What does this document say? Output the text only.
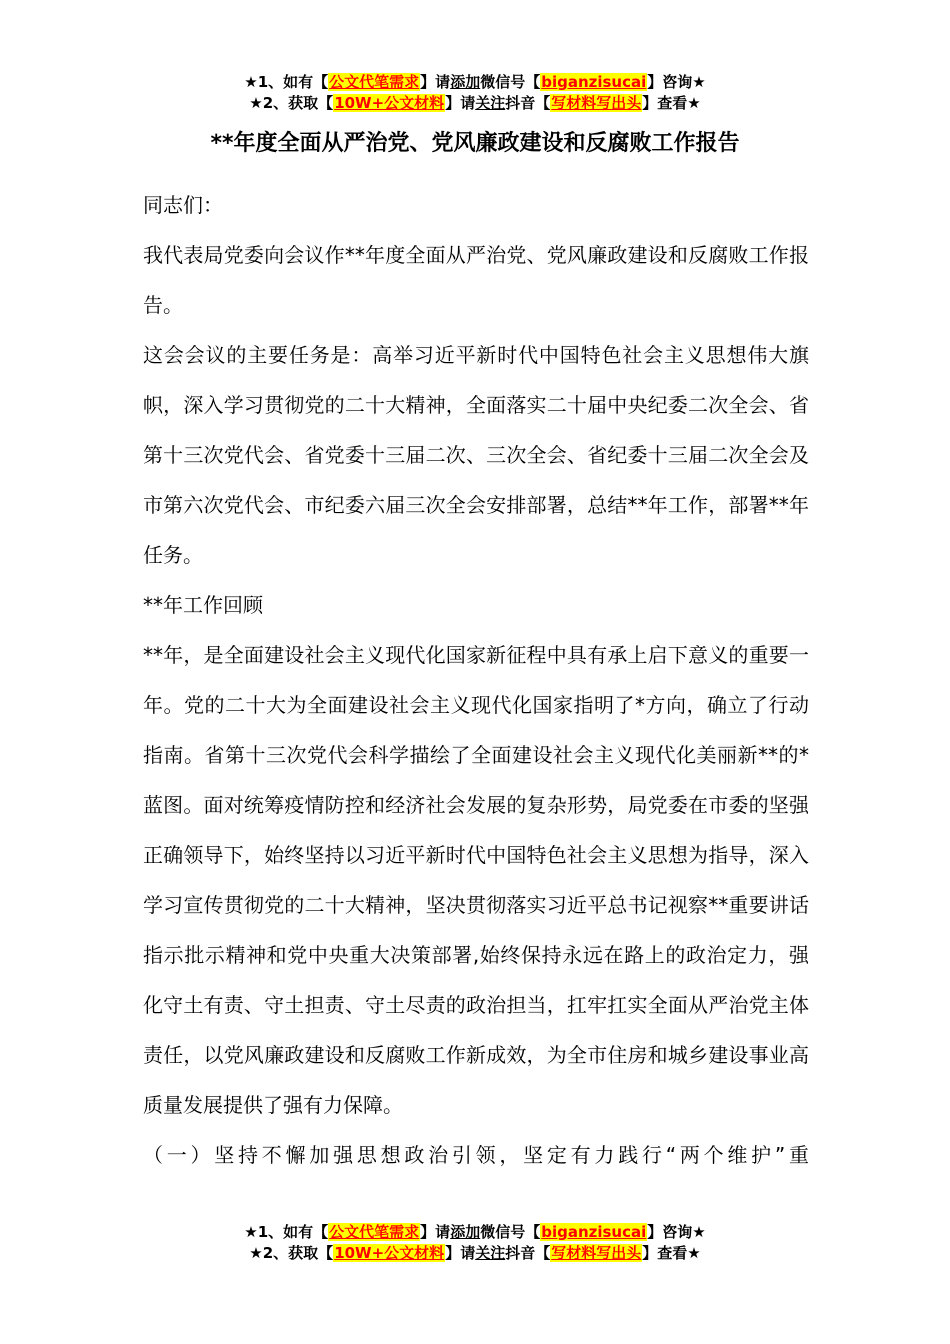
★1、如有【公文代笔需求】请添加微信号【biganzisucai】咨询★
★2、获取【10W+公文材料】请关注抖音【写材料写出头】查看★
**年度全面从严治党、党风廉政建设和反腐败工作报告

同志们：

我代表局党委向会议作**年度全面从严治党、党风廉政建设和反腐败工作报告。

这会会议的主要任务是：高举习近平新时代中国特色社会主义思想伟大旗帜，深入学习贯彻党的二十大精神，全面落实二十届中央纪委二次全会、省第十三次党代会、省党委十三届二次、三次全会、省纪委十三届二次全会及市第六次党代会、市纪委六届三次全会安排部署，总结**年工作，部署**年任务。

**年工作回顾

**年，是全面建设社会主义现代化国家新征程中具有承上启下意义的重要一年。党的二十大为全面建设社会主义现代化国家指明了*方向，确立了行动指南。省第十三次党代会科学描绘了全面建设社会主义现代化美丽新**的*蓝图。面对统筹疫情防控和经济社会发展的复杂形势，局党委在市委的坚强正确领导下，始终坚持以习近平新时代中国特色社会主义思想为指导，深入学习宣传贯彻党的二十大精神，坚决贯彻落实习近平总书记视察**重要讲话指示批示精神和党中央重大决策部署,始终保持永远在路上的政治定力，强化守土有责、守土担责、守土尽责的政治担当，扛牢扛实全面从严治党主体责任，以党风廉政建设和反腐败工作新成效，为全市住房和城乡建设事业高质量发展提供了强有力保障。

（一）坚持不懈加强思想政治引领，坚定有力践行“两个维护”重

★1、如有【公文代笔需求】请添加微信号【biganzisucai】咨询★
★2、获取【10W+公文材料】请关注抖音【写材料写出头】查看★
